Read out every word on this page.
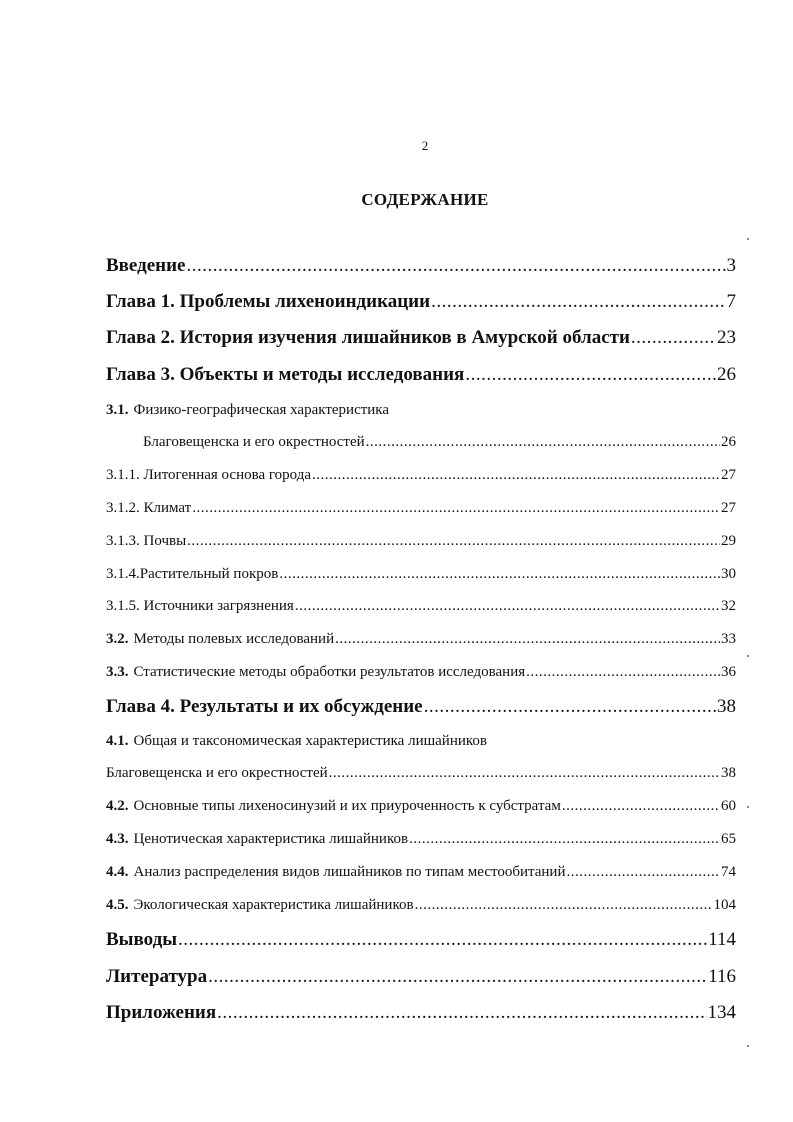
2
СОДЕРЖАНИЕ
Введение .....	3
Глава 1. Проблемы лихеноиндикации .....	7
Глава 2. История изучения лишайников в Амурской области .....	23
Глава 3. Объекты и методы исследования .....	26
3.1. Физико-географическая характеристика
Благовещенска и его окрестностей .....	26
3.1.1. Литогенная основа города .....	27
3.1.2. Климат .....	27
3.1.3. Почвы .....	29
3.1.4.Растительный покров .....	30
3.1.5. Источники загрязнения .....	32
3.2. Методы полевых исследований .....	33
3.3. Статистические методы обработки результатов исследования .....	36
Глава 4. Результаты и их обсуждение .....	38
4.1. Общая и таксономическая характеристика лишайников
Благовещенска и его окрестностей .....	38
4.2. Основные типы лихеносинузий и их приуроченность к субстратам .....	60
4.3. Ценотическая характеристика лишайников .....	65
4.4. Анализ распределения видов лишайников по типам местообитаний .....	74
4.5. Экологическая характеристика лишайников .....	104
Выводы .....	114
Литература .....	116
Приложения .....	134
